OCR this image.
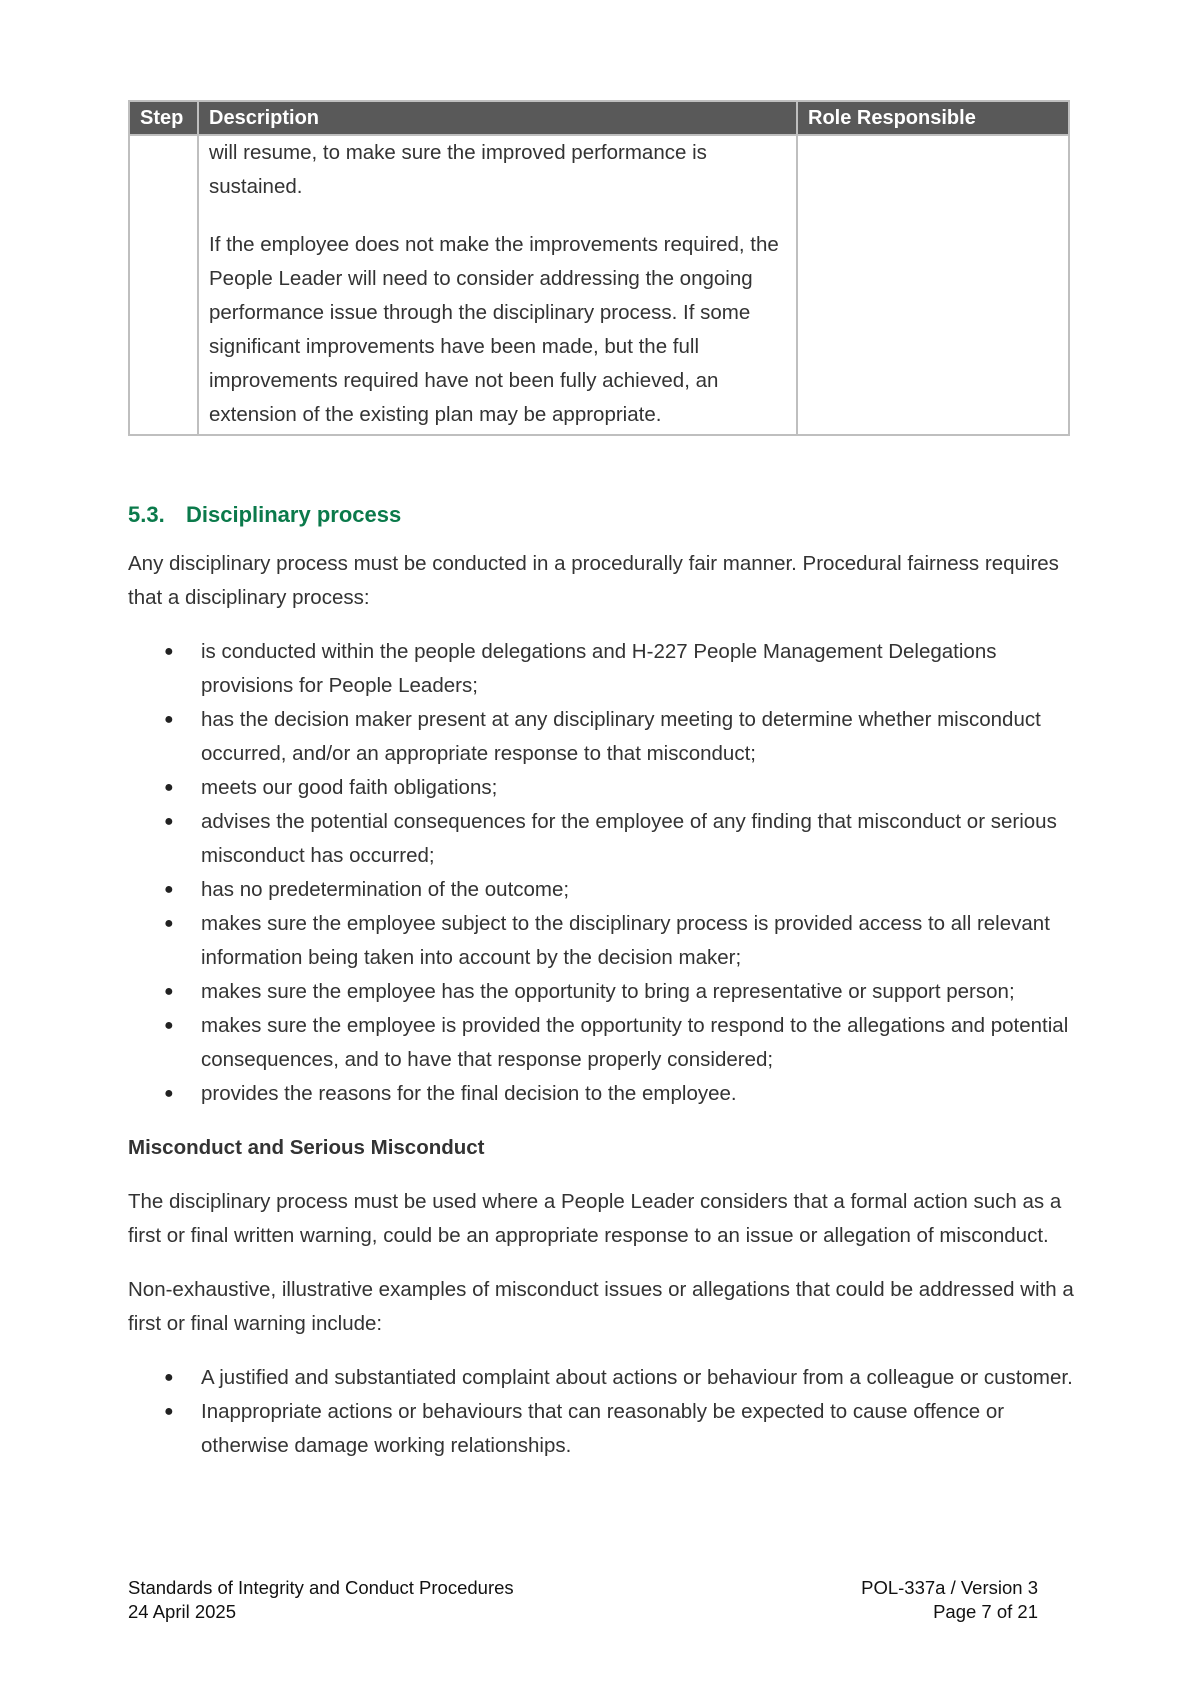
Step	Description	Role Responsible

	will resume, to make sure the improved performance is sustained.

If the employee does not make the improvements required, the People Leader will need to consider addressing the ongoing performance issue through the disciplinary process. If some significant improvements have been made, but the full improvements required have not been fully achieved, an extension of the existing plan may be appropriate.	

5.3. Disciplinary process

Any disciplinary process must be conducted in a procedurally fair manner. Procedural fairness requires that a disciplinary process:

● is conducted within the people delegations and H-227 People Management Delegations provisions for People Leaders;
● has the decision maker present at any disciplinary meeting to determine whether misconduct occurred, and/or an appropriate response to that misconduct;
● meets our good faith obligations;
● advises the potential consequences for the employee of any finding that misconduct or serious misconduct has occurred;
● has no predetermination of the outcome;
● makes sure the employee subject to the disciplinary process is provided access to all relevant information being taken into account by the decision maker;
● makes sure the employee has the opportunity to bring a representative or support person;
● makes sure the employee is provided the opportunity to respond to the allegations and potential consequences, and to have that response properly considered;
● provides the reasons for the final decision to the employee.

Misconduct and Serious Misconduct

The disciplinary process must be used where a People Leader considers that a formal action such as a first or final written warning, could be an appropriate response to an issue or allegation of misconduct.

Non-exhaustive, illustrative examples of misconduct issues or allegations that could be addressed with a first or final warning include:

● A justified and substantiated complaint about actions or behaviour from a colleague or customer.
● Inappropriate actions or behaviours that can reasonably be expected to cause offence or otherwise damage working relationships.
Standards of Integrity and Conduct Procedures	POL-337a / Version 3
24 April 2025	Page 7 of 21
